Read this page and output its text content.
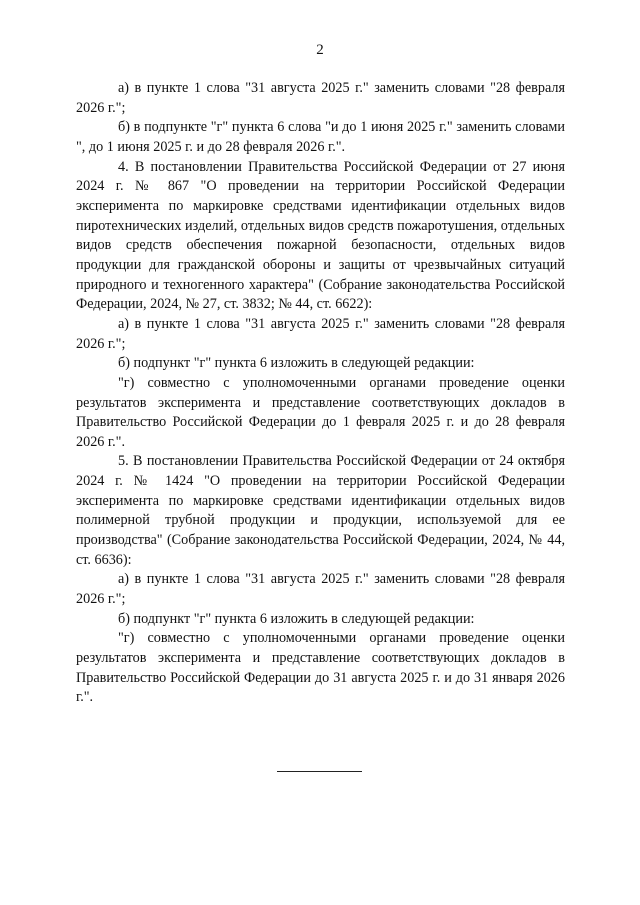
2

а) в пункте 1 слова "31 августа 2025 г." заменить словами "28 февраля 2026 г.";

б) в подпункте "г" пункта 6 слова "и до 1 июня 2025 г." заменить словами ", до 1 июня 2025 г. и до 28 февраля 2026 г.".

4. В постановлении Правительства Российской Федерации от 27 июня 2024 г. № 867 "О проведении на территории Российской Федерации эксперимента по маркировке средствами идентификации отдельных видов пиротехнических изделий, отдельных видов средств пожаротушения, отдельных видов средств обеспечения пожарной безопасности, отдельных видов продукции для гражданской обороны и защиты от чрезвычайных ситуаций природного и техногенного характера" (Собрание законодательства Российской Федерации, 2024, № 27, ст. 3832; № 44, ст. 6622):

а) в пункте 1 слова "31 августа 2025 г." заменить словами "28 февраля 2026 г.";

б) подпункт "г" пункта 6 изложить в следующей редакции:

"г) совместно с уполномоченными органами проведение оценки результатов эксперимента и представление соответствующих докладов в Правительство Российской Федерации до 1 февраля 2025 г. и до 28 февраля 2026 г.".

5. В постановлении Правительства Российской Федерации от 24 октября 2024 г. № 1424 "О проведении на территории Российской Федерации эксперимента по маркировке средствами идентификации отдельных видов полимерной трубной продукции и продукции, используемой для ее производства" (Собрание законодательства Российской Федерации, 2024, № 44, ст. 6636):

а) в пункте 1 слова "31 августа 2025 г." заменить словами "28 февраля 2026 г.";

б) подпункт "г" пункта 6 изложить в следующей редакции:

"г) совместно с уполномоченными органами проведение оценки результатов эксперимента и представление соответствующих докладов в Правительство Российской Федерации до 31 августа 2025 г. и до 31 января 2026 г.".
